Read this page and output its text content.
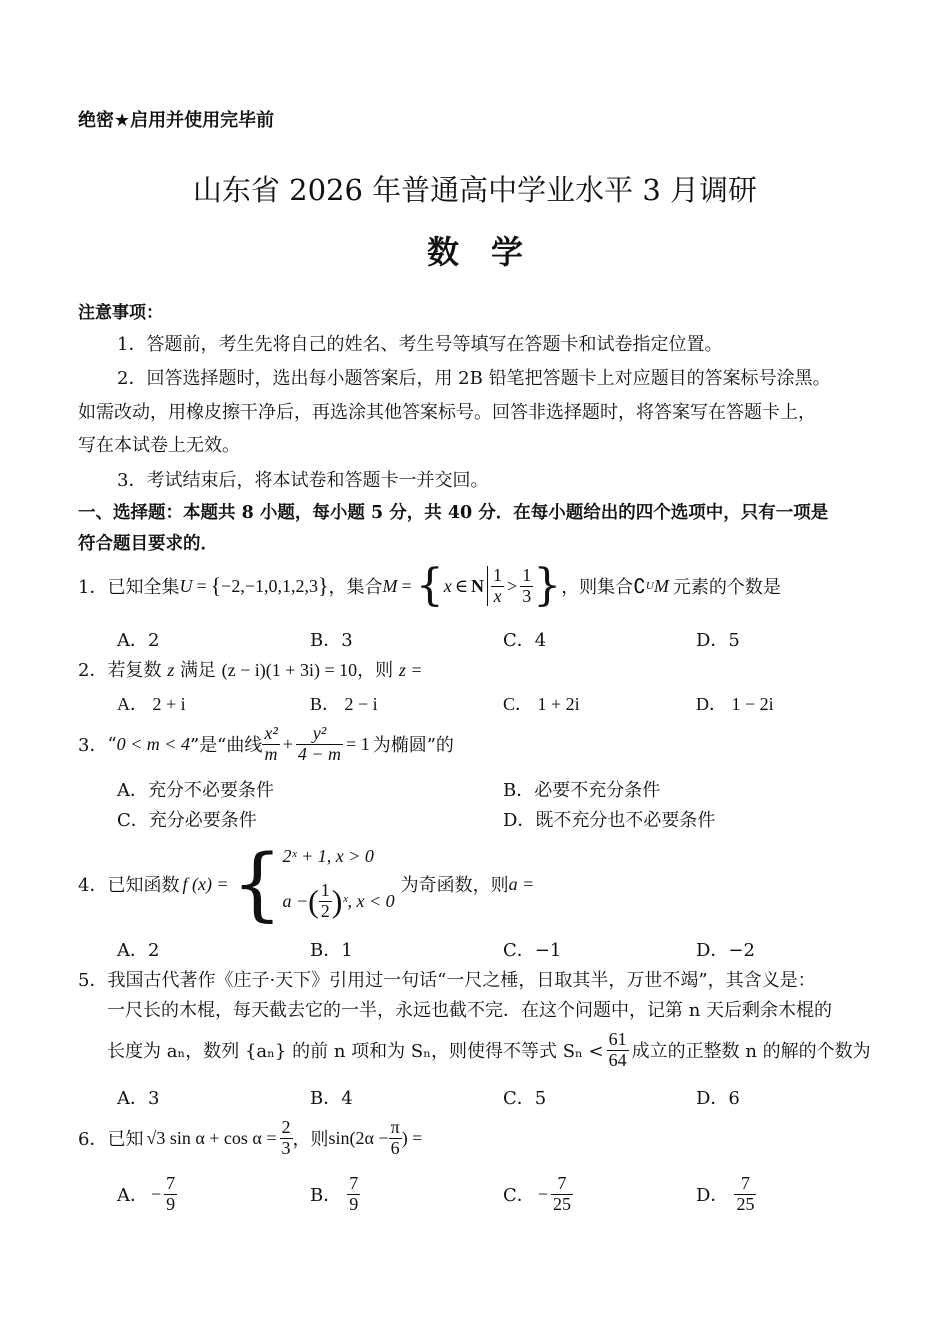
绝密★启用并使用完毕前
山东省 2026 年普通高中学业水平 3 月调研
数　学
注意事项：
1．答题前，考生先将自己的姓名、考生号等填写在答题卡和试卷指定位置。
2．回答选择题时，选出每小题答案后，用 2B 铅笔把答题卡上对应题目的答案标号涂黑。
如需改动，用橡皮擦干净后，再选涂其他答案标号。回答非选择题时，将答案写在答题卡上，
写在本试卷上无效。
3．考试结束后，将本试卷和答题卡一并交回。
一、选择题：本题共 8 小题，每小题 5 分，共 40 分．在每小题给出的四个选项中，只有一项是
符合题目要求的．
1． 已知全集 U = { −2,−1,0,1,2,3 } ，集合 M = { x ∈ N $\frac{1}{x} > \frac{1}{3}$ } ，则集合 ∁ U M 元素的个数是
A．2	B．3	C．4	D．5
2．若复数 z 满足 (z − i)(1 + 3i) = 10，则 z =
A． 2 + i	B． 2 − i	C． 1 + 2i	D． 1 − 2i
3． “ 0 < m < 4 ”是“曲线 $\frac{\text{x²}}{m} + \frac{\text{y²}}{4 - m} = 1$ 为椭圆”的
A．充分不必要条件	B．必要不充分条件
C．充分必要条件	D．既不充分也不必要条件
4． 已知函数 f (x) = { 2ˣ + 1, x > 0
a − ( $\frac{1}{2}$ ) ˣ, x < 0
为奇函数，则 a =
A．2	B．1	C．−1	D．−2
5．我国古代著作《庄子·天下》引用过一句话“一尺之棰，日取其半，万世不竭”，其含义是：
一尺长的木棍，每天截去它的一半，永远也截不完．在这个问题中，记第 n 天后剩余木棍的
长度为 aₙ，数列 {aₙ} 的前 n 项和为 Sₙ，则使得不等式 $S_n < \frac{61}{64}$ 成立的正整数 n 的解的个数为
A．3	B．4	C．5	D．6
6． 已知 √3 $\sin \alpha + \cos \alpha = \frac{2}{3}$ ，则 $\sin(2\alpha - \frac{\pi}{6}$ ) =
A． − $\frac{7}{9}$	B． $\frac{7}{9}$	C． − $\frac{7}{25}$	D． $\frac{7}{25}$
